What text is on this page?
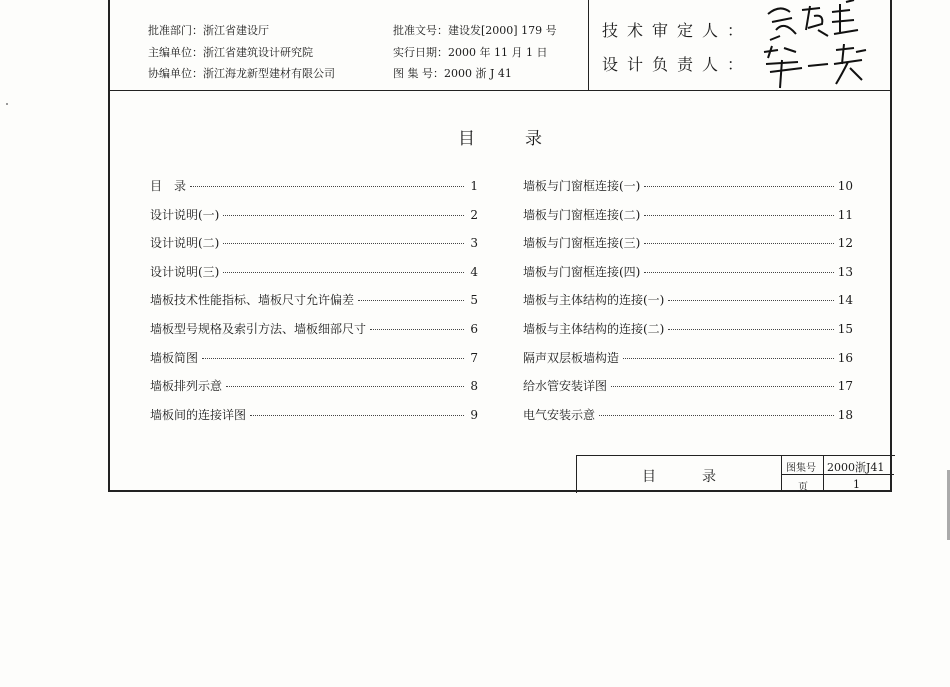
批准部门：浙江省建设厅
主编单位：浙江省建筑设计研究院
协编单位：浙江海龙新型建材有限公司
批准文号：建设发[2000] 179 号
实行日期：2000 年 11 月 1 日
图 集 号：2000 浙 J 41
技术审定人：
设计负责人：
目录
目　录	1
设计说明(一)	2
设计说明(二)	3
设计说明(三)	4
墙板技术性能指标、墙板尺寸允许偏差	5
墙板型号规格及索引方法、墙板细部尺寸	6
墙板简图	7
墙板排列示意	8
墙板间的连接详图	9
墙板与门窗框连接(一)	10
墙板与门窗框连接(二)	11
墙板与门窗框连接(三)	12
墙板与门窗框连接(四)	13
墙板与主体结构的连接(一)	14
墙板与主体结构的连接(二)	15
隔声双层板墙构造	16
给水管安装详图	17
电气安装示意	18
目　录
图集号 2000浙J41
页	1
